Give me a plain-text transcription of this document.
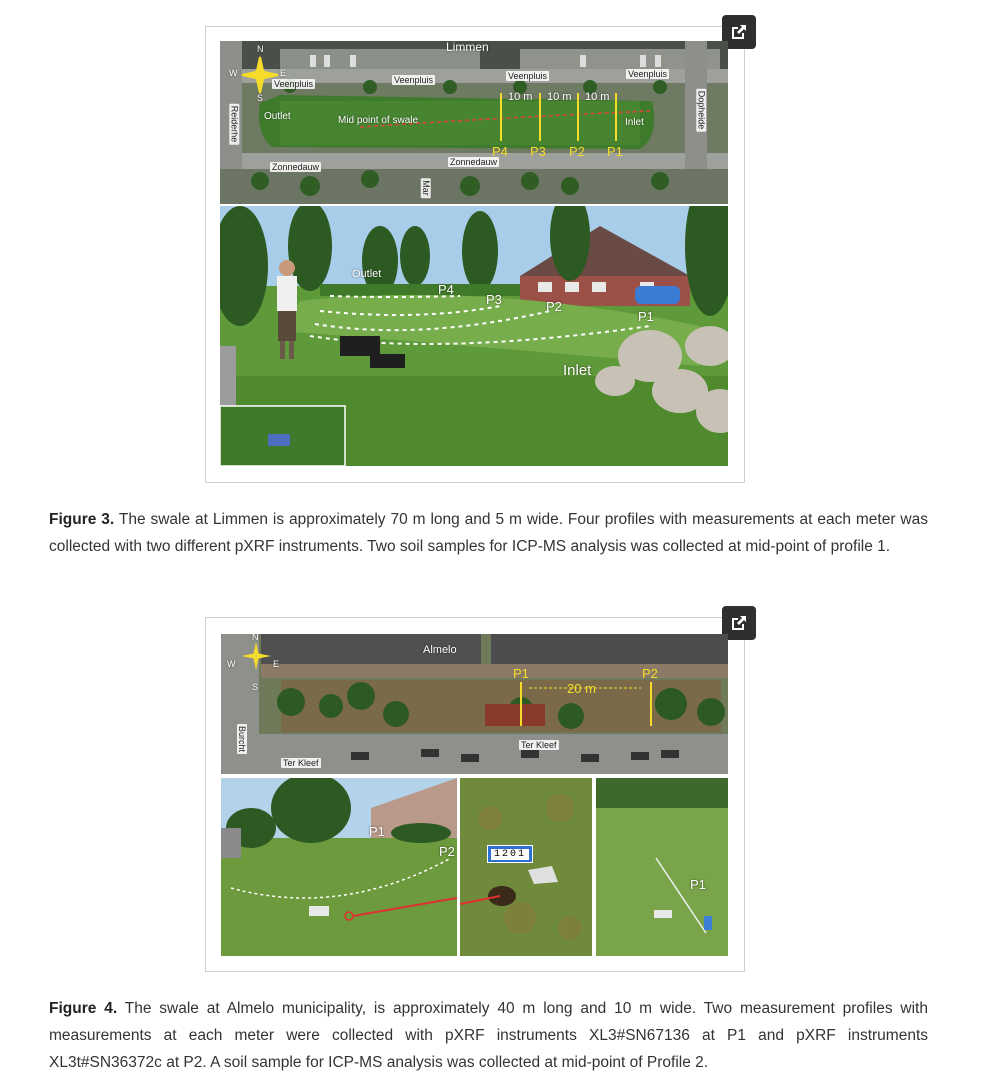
Limmen
N
W	E
S
Veenpluis	Veenpluis	Veenpluis	Veenpluis
Reiderhe	Dopheide
Zonnedauw	Zonnedauw
Mar
Outlet
Inlet
Mid point of swale
10 m 10 m 10 m
P4 P3 P2 P1
Outlet
P4
P3	P2
P1
Inlet
Figure 3. The swale at Limmen is approximately 70 m long and 5 m wide. Four profiles with measurements at each meter was collected with two different pXRF instruments. Two soil samples for ICP-MS analysis was collected at mid-point of profile 1.
Almelo
N
W	E
S
P1	P2
20 m
Ter Kleef
Ter Kleef
Burcht
P1
P2	1201
P1
Figure 4. The swale at Almelo municipality, is approximately 40 m long and 10 m wide. Two measurement profiles with measurements at each meter were collected with pXRF instruments XL3#SN67136 at P1 and pXRF instruments XL3t#SN36372c at P2. A soil sample for ICP-MS analysis was collected at mid-point of Profile 2.
